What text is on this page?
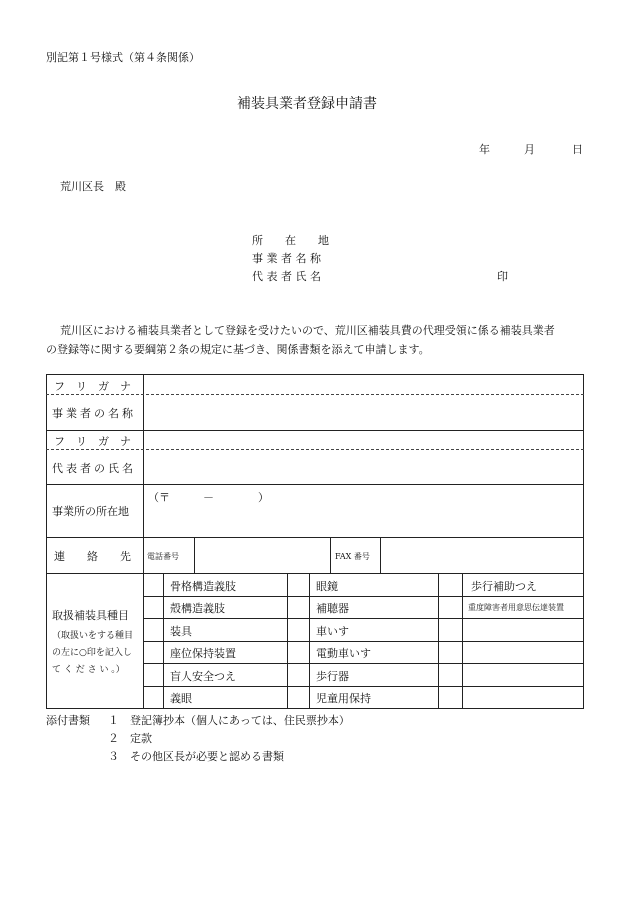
別記第１号様式（第４条関係）
補装具業者登録申請書
年	月	日
荒川区長　殿
所　　在　　地
事 業 者 名 称
代 表 者 氏 名	印
荒川区における補装具業者として登録を受けたいので、荒川区補装具費の代理受領に係る補装具業者
の登録等に関する要綱第２条の規定に基づき、関係書類を添えて申請します。
フ　リ　ガ　ナ
事業者の名称
フ　リ　ガ　ナ
代表者の氏名
事業所の所在地
（〒　　　－　　　　）
連　　絡　　先 電話番号	FAX 番号
取扱補装具種目
（取扱いをする種目
の左に○印を記入し
て く だ さ い 。）
骨格構造義肢	眼鏡	歩行補助つえ
殻構造義肢	補聴器	重度障害者用意思伝達装置
装具	車いす
座位保持装置	電動車いす
盲人安全つえ	歩行器
義眼	児童用保持
添付書類 １　登記簿抄本（個人にあっては、住民票抄本）
２　定款
３　その他区長が必要と認める書類
